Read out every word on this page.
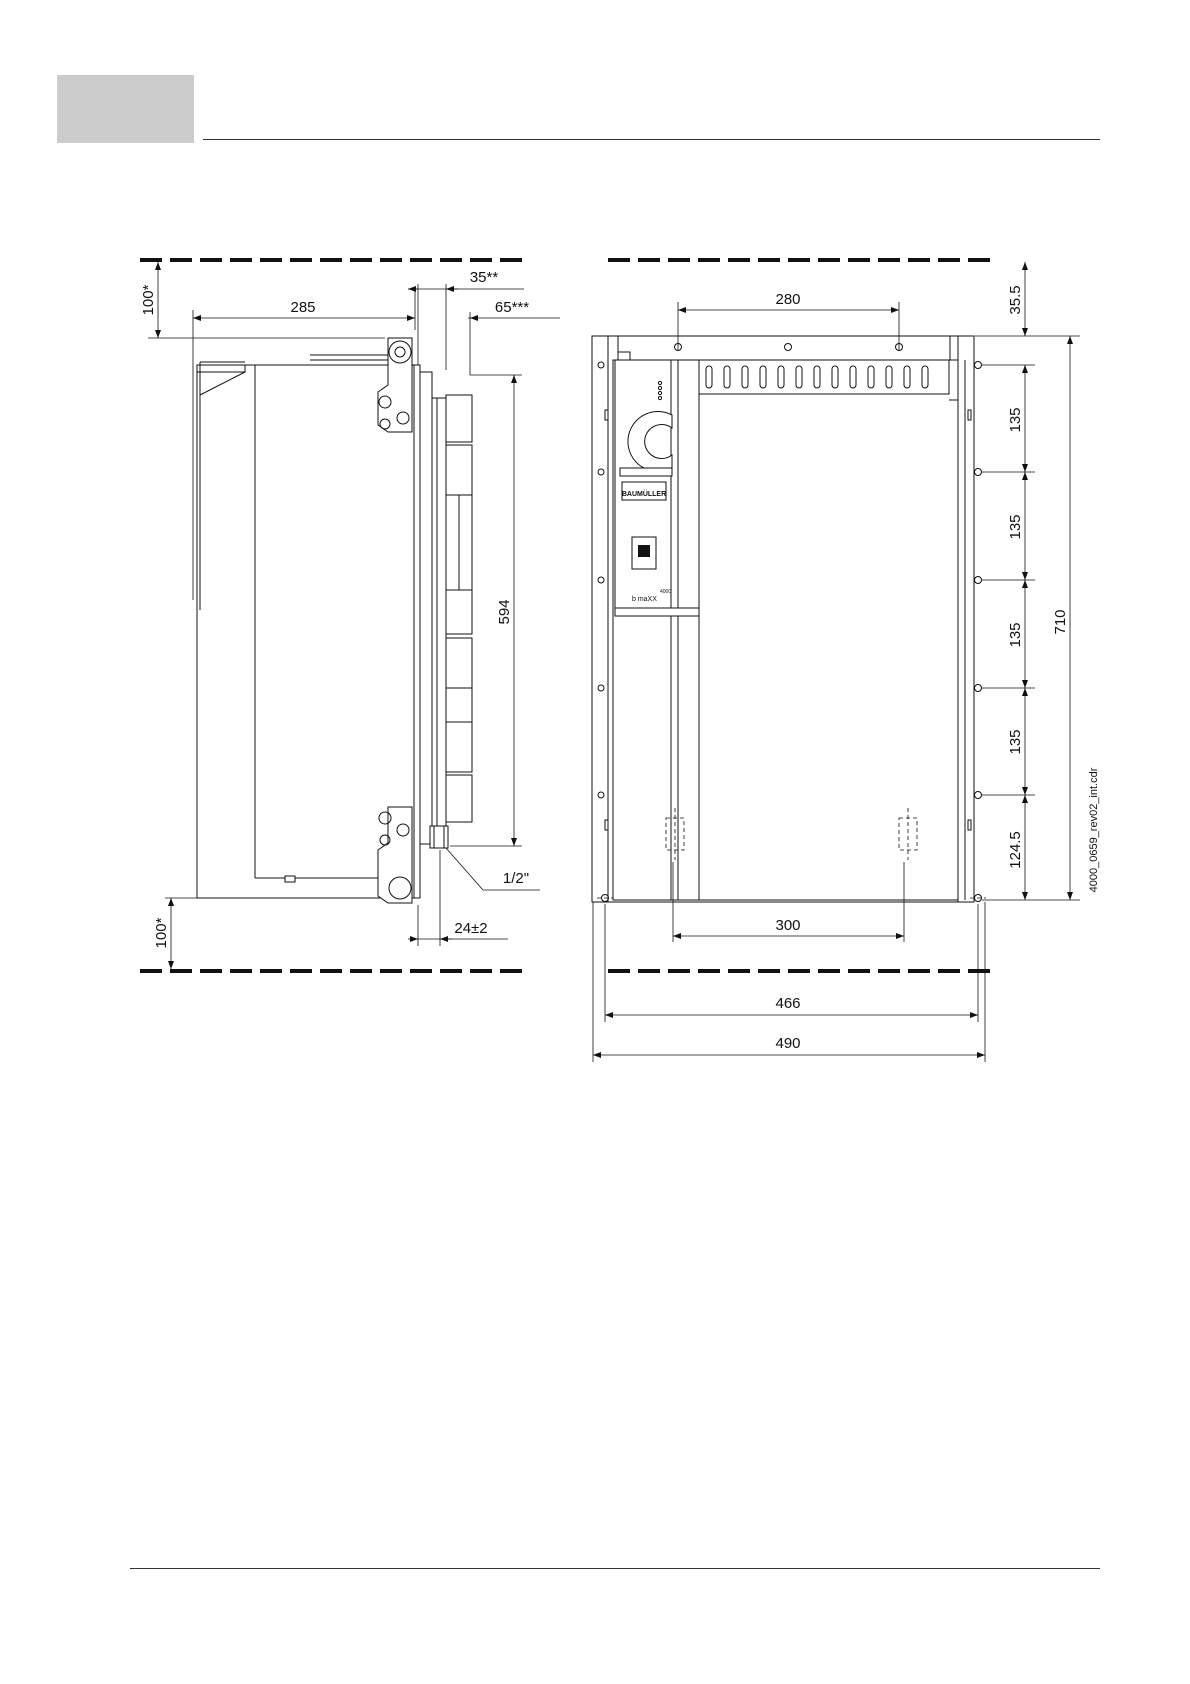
100*	285
35**
65***
594
1/2"
24±2
100*
BAUMÜLLER
b maXX
4000
280	35.5
135
135
135
135
124.5
710
300
466
490
4000_0659_rev02_int.cdr
